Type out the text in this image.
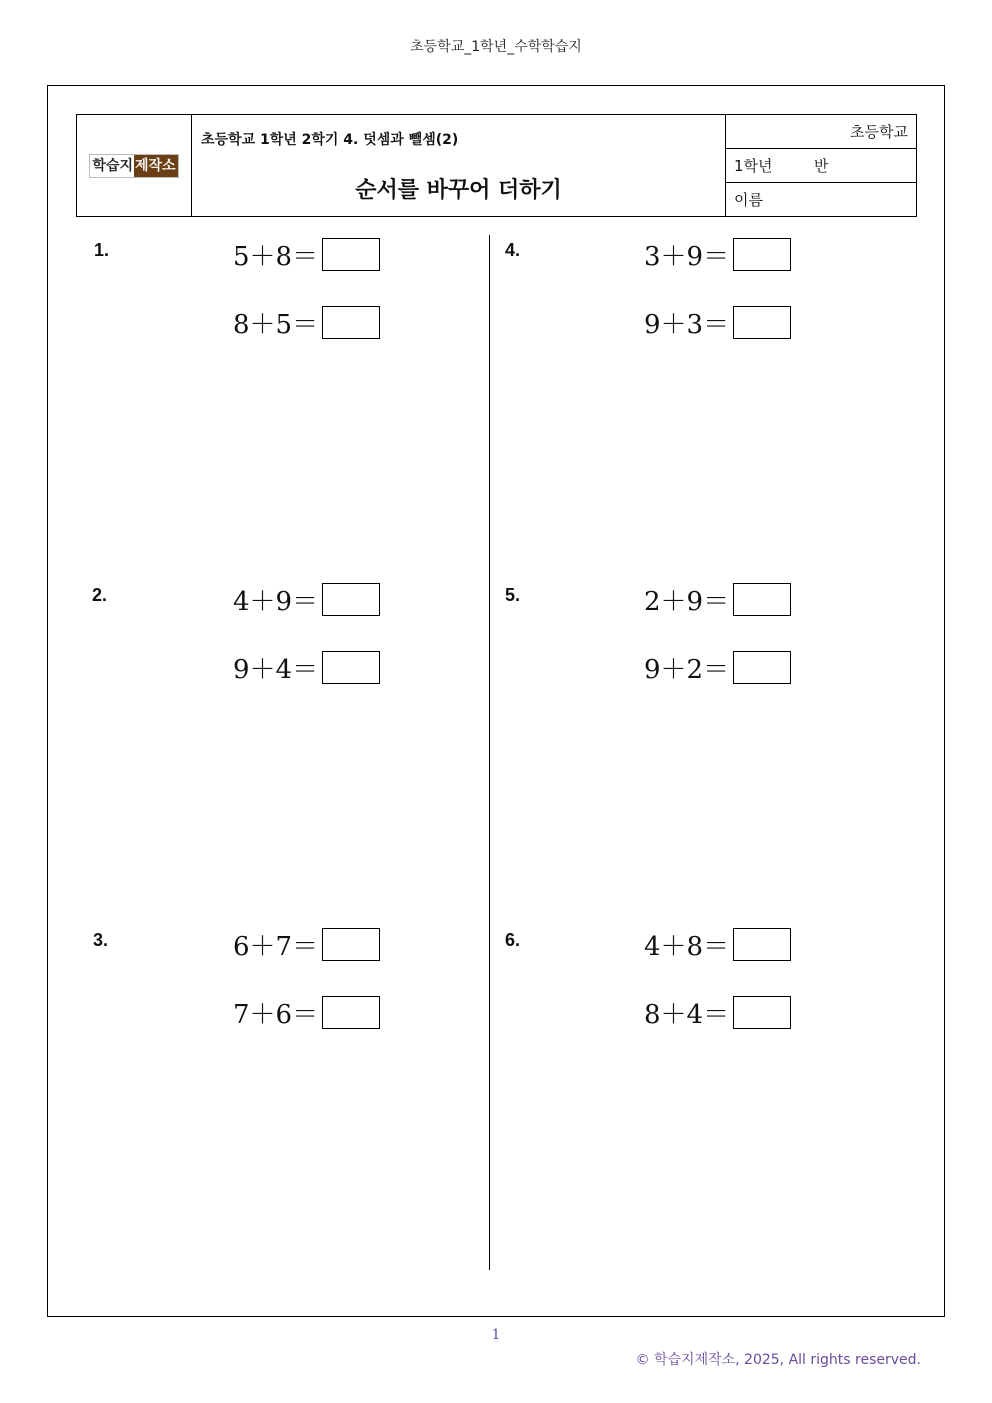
초등학교_1학년_수학학습지
학습지 제작소
초등학교 1학년 2학기 4. 덧셈과 뺄셈(2)
순서를 바꾸어 더하기
초등학교
1학년	반
이름
1.	5＋8＝
8＋5＝
2.	4＋9＝
9＋4＝
3.	6＋7＝
7＋6＝
4.	3＋9＝
9＋3＝
5.	2＋9＝
9＋2＝
6.	4＋8＝
8＋4＝
1
© 학습지제작소, 2025, All rights reserved.
